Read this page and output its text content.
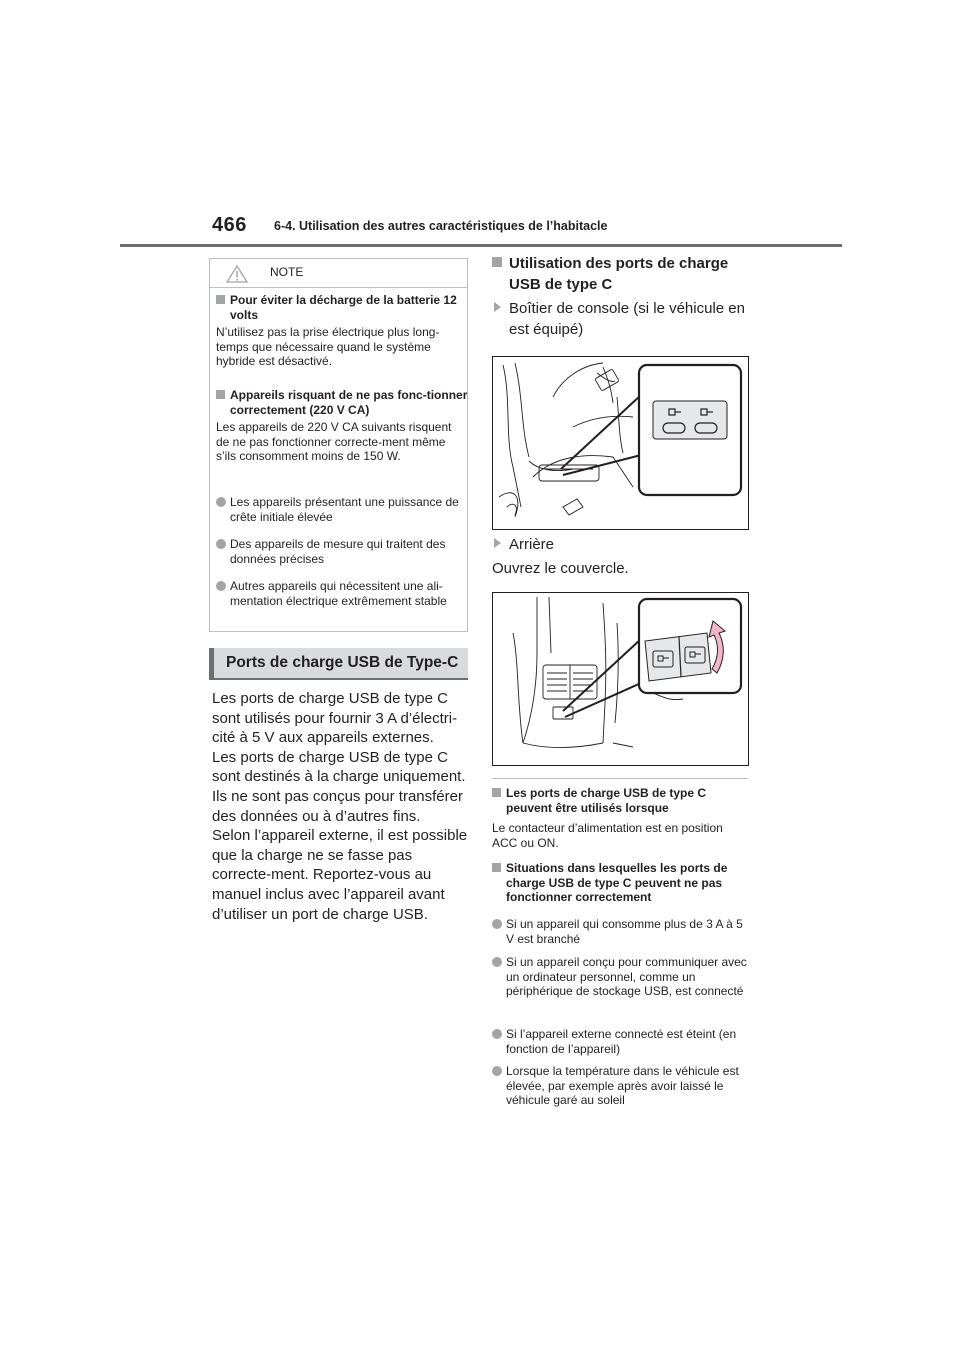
466 6-4. Utilisation des autres caractéristiques de l’habitacle
NOTE
Pour éviter la décharge de la batterie 12 volts
N’utilisez pas la prise électrique plus long-temps que nécessaire quand le système hybride est désactivé.
Appareils risquant de ne pas fonc-tionner correctement (220 V CA)
Les appareils de 220 V CA suivants risquent de ne pas fonctionner correcte-ment même s’ils consomment moins de 150 W.
Les appareils présentant une puissance de crête initiale élevée
Des appareils de mesure qui traitent des données précises
Autres appareils qui nécessitent une ali-mentation électrique extrêmement stable
Ports de charge USB de Type-C

Les ports de charge USB de type C sont utilisés pour fournir 3 A d’électri-cité à 5 V aux appareils externes.

Les ports de charge USB de type C sont destinés à la charge uniquement. Ils ne sont pas conçus pour transférer des données ou à d’autres fins.

Selon l’appareil externe, il est possible que la charge ne se fasse pas correcte-ment. Reportez-vous au manuel inclus avec l’appareil avant d’utiliser un port de charge USB.

Utilisation des ports de charge USB de type C
Boîtier de console (si le véhicule en est équipé)
Arrière
Ouvrez le couvercle.
Les ports de charge USB de type C peuvent être utilisés lorsque
Le contacteur d’alimentation est en position ACC ou ON.
Situations dans lesquelles les ports de charge USB de type C peuvent ne pas fonctionner correctement
Si un appareil qui consomme plus de 3 A à 5 V est branché
Si un appareil conçu pour communiquer avec un ordinateur personnel, comme un périphérique de stockage USB, est connecté
Si l’appareil externe connecté est éteint (en fonction de l’appareil)
Lorsque la température dans le véhicule est élevée, par exemple après avoir laissé le véhicule garé au soleil
